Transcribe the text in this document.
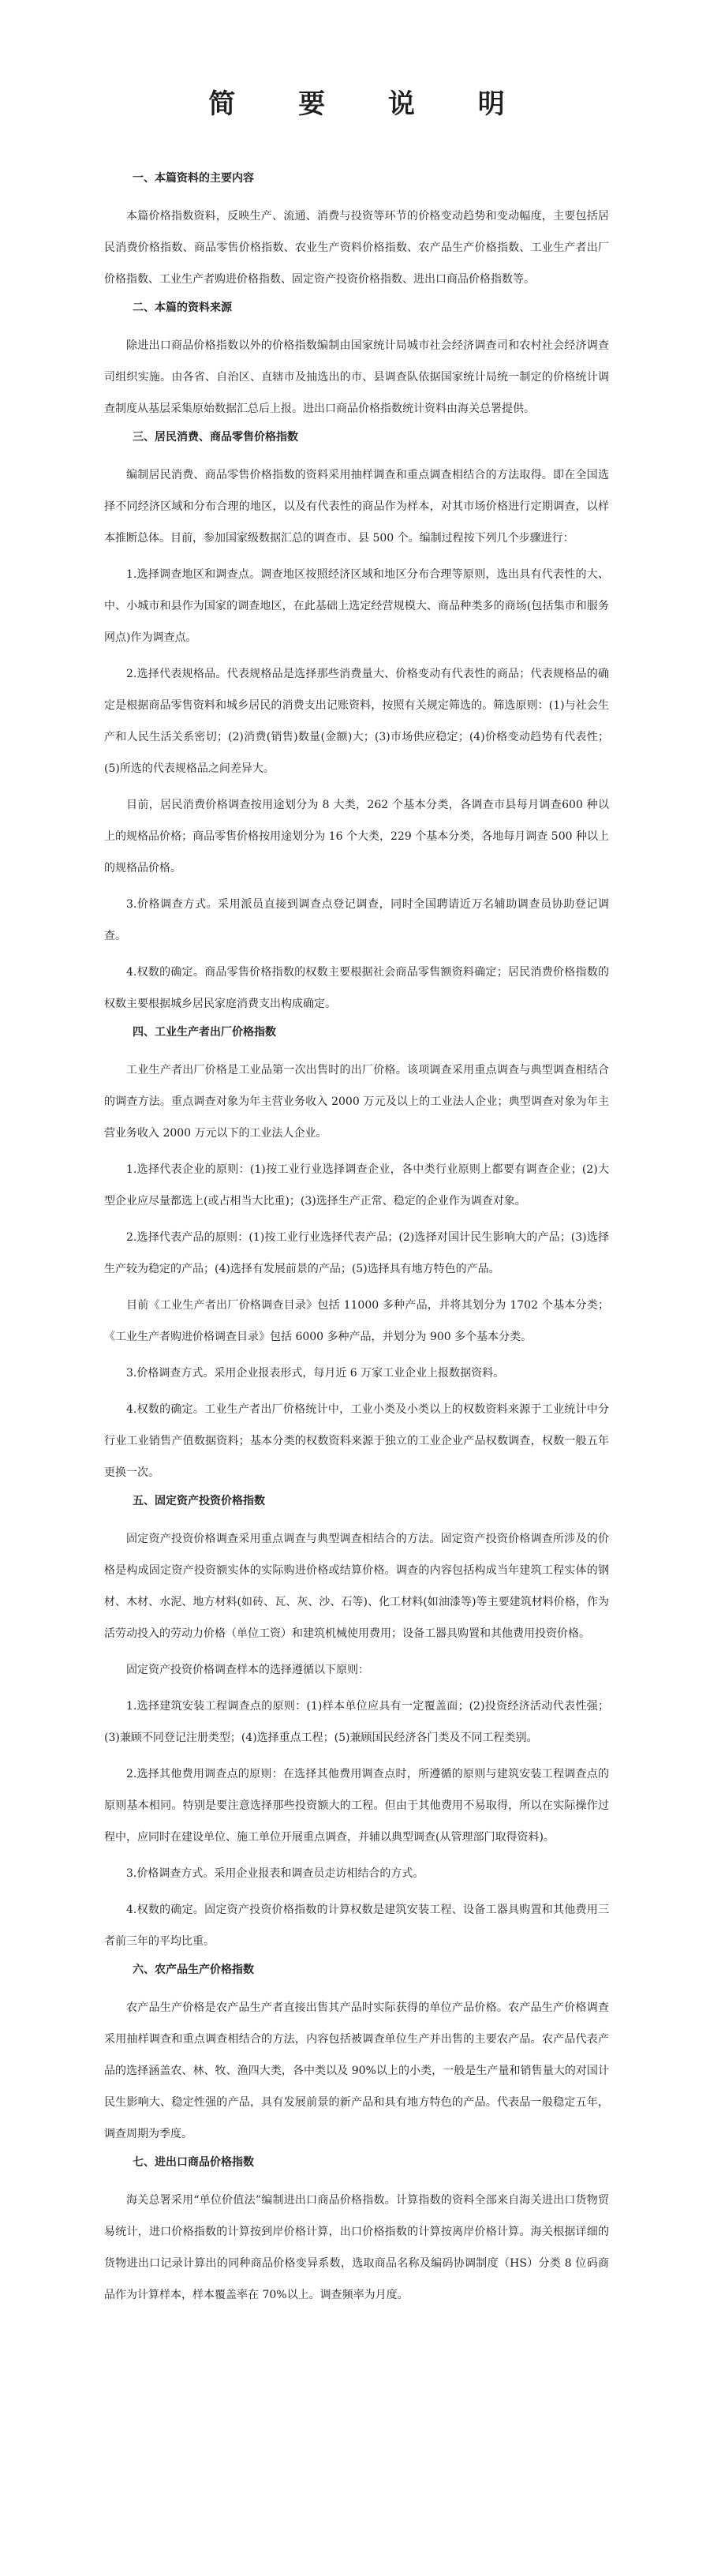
简 要 说 明
一、本篇资料的主要内容

本篇价格指数资料，反映生产、流通、消费与投资等环节的价格变动趋势和变动幅度，主要包括居民消费价格指数、商品零售价格指数、农业生产资料价格指数、农产品生产价格指数、工业生产者出厂价格指数、工业生产者购进价格指数、固定资产投资价格指数、进出口商品价格指数等。

二、本篇的资料来源

除进出口商品价格指数以外的价格指数编制由国家统计局城市社会经济调查司和农村社会经济调查司组织实施。由各省、自治区、直辖市及抽选出的市、县调查队依据国家统计局统一制定的价格统计调查制度从基层采集原始数据汇总后上报。进出口商品价格指数统计资料由海关总署提供。

三、居民消费、商品零售价格指数

编制居民消费、商品零售价格指数的资料采用抽样调查和重点调查相结合的方法取得。即在全国选择不同经济区域和分布合理的地区，以及有代表性的商品作为样本，对其市场价格进行定期调查，以样本推断总体。目前，参加国家级数据汇总的调查市、县 500 个。编制过程按下列几个步骤进行：

1.选择调查地区和调查点。调查地区按照经济区域和地区分布合理等原则，选出具有代表性的大、中、小城市和县作为国家的调查地区，在此基础上选定经营规模大、商品种类多的商场(包括集市和服务网点)作为调查点。

2.选择代表规格品。代表规格品是选择那些消费量大、价格变动有代表性的商品；代表规格品的确定是根据商品零售资料和城乡居民的消费支出记账资料，按照有关规定筛选的。筛选原则：(1)与社会生产和人民生活关系密切；(2)消费(销售)数量(金额)大；(3)市场供应稳定；(4)价格变动趋势有代表性；(5)所选的代表规格品之间差异大。

目前，居民消费价格调查按用途划分为 8 大类，262 个基本分类，各调查市县每月调查600 种以上的规格品价格；商品零售价格按用途划分为 16 个大类，229 个基本分类，各地每月调查 500 种以上的规格品价格。

3.价格调查方式。采用派员直接到调查点登记调查，同时全国聘请近万名辅助调查员协助登记调查。

4.权数的确定。商品零售价格指数的权数主要根据社会商品零售额资料确定；居民消费价格指数的权数主要根据城乡居民家庭消费支出构成确定。

四、工业生产者出厂价格指数

工业生产者出厂价格是工业品第一次出售时的出厂价格。该项调查采用重点调查与典型调查相结合的调查方法。重点调查对象为年主营业务收入 2000 万元及以上的工业法人企业；典型调查对象为年主营业务收入 2000 万元以下的工业法人企业。

1.选择代表企业的原则：(1)按工业行业选择调查企业，各中类行业原则上都要有调查企业；(2)大型企业应尽量都选上(或占相当大比重)；(3)选择生产正常、稳定的企业作为调查对象。

2.选择代表产品的原则：(1)按工业行业选择代表产品；(2)选择对国计民生影响大的产品；(3)选择生产较为稳定的产品；(4)选择有发展前景的产品；(5)选择具有地方特色的产品。

目前《工业生产者出厂价格调查目录》包括 11000 多种产品，并将其划分为 1702 个基本分类；《工业生产者购进价格调查目录》包括 6000 多种产品，并划分为 900 多个基本分类。

3.价格调查方式。采用企业报表形式，每月近 6 万家工业企业上报数据资料。

4.权数的确定。工业生产者出厂价格统计中，工业小类及小类以上的权数资料来源于工业统计中分行业工业销售产值数据资料；基本分类的权数资料来源于独立的工业企业产品权数调查，权数一般五年更换一次。

五、固定资产投资价格指数

固定资产投资价格调查采用重点调查与典型调查相结合的方法。固定资产投资价格调查所涉及的价格是构成固定资产投资额实体的实际购进价格或结算价格。调查的内容包括构成当年建筑工程实体的钢材、木材、水泥、地方材料(如砖、瓦、灰、沙、石等)、化工材料(如油漆等)等主要建筑材料价格，作为活劳动投入的劳动力价格（单位工资）和建筑机械使用费用；设备工器具购置和其他费用投资价格。

固定资产投资价格调查样本的选择遵循以下原则：

1.选择建筑安装工程调查点的原则：(1)样本单位应具有一定覆盖面；(2)投资经济活动代表性强；(3)兼顾不同登记注册类型；(4)选择重点工程；(5)兼顾国民经济各门类及不同工程类别。

2.选择其他费用调查点的原则：在选择其他费用调查点时，所遵循的原则与建筑安装工程调查点的原则基本相同。特别是要注意选择那些投资额大的工程。但由于其他费用不易取得，所以在实际操作过程中，应同时在建设单位、施工单位开展重点调查，并辅以典型调查(从管理部门取得资料)。

3.价格调查方式。采用企业报表和调查员走访相结合的方式。

4.权数的确定。固定资产投资价格指数的计算权数是建筑安装工程、设备工器具购置和其他费用三者前三年的平均比重。

六、农产品生产价格指数

农产品生产价格是农产品生产者直接出售其产品时实际获得的单位产品价格。农产品生产价格调查采用抽样调查和重点调查相结合的方法，内容包括被调查单位生产并出售的主要农产品。农产品代表产品的选择涵盖农、林、牧、渔四大类，各中类以及 90%以上的小类，一般是生产量和销售量大的对国计民生影响大、稳定性强的产品，具有发展前景的新产品和具有地方特色的产品。代表品一般稳定五年，调查周期为季度。

七、进出口商品价格指数

海关总署采用“单位价值法”编制进出口商品价格指数。计算指数的资料全部来自海关进出口货物贸易统计，进口价格指数的计算按到岸价格计算，出口价格指数的计算按离岸价格计算。海关根据详细的货物进出口记录计算出的同种商品价格变异系数，选取商品名称及编码协调制度（HS）分类 8 位码商品作为计算样本，样本覆盖率在 70%以上。调查频率为月度。
